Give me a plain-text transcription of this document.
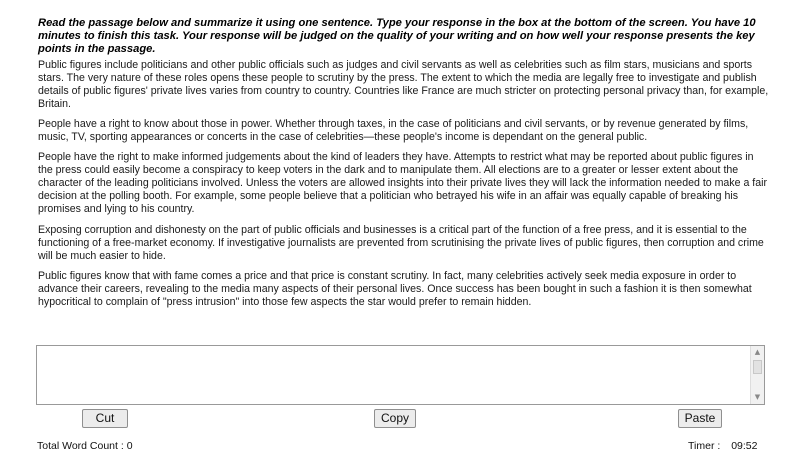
Read the passage below and summarize it using one sentence. Type your response in the box at the bottom of the screen. You have 10 minutes to finish this task. Your response will be judged on the quality of your writing and on how well your response presents the key points in the passage.

Public figures include politicians and other public officials such as judges and civil servants as well as celebrities such as film stars, musicians and sports stars. The very nature of these roles opens these people to scrutiny by the press. The extent to which the media are legally free to investigate and publish details of public figures' private lives varies from country to country. Countries like France are much stricter on protecting personal privacy than, for example, Britain.

People have a right to know about those in power. Whether through taxes, in the case of politicians and civil servants, or by revenue generated by films, music, TV, sporting appearances or concerts in the case of celebrities—these people's income is dependant on the general public.

People have the right to make informed judgements about the kind of leaders they have. Attempts to restrict what may be reported about public figures in the press could easily become a conspiracy to keep voters in the dark and to manipulate them. All elections are to a greater or lesser extent about the character of the leading politicians involved. Unless the voters are allowed insights into their private lives they will lack the information needed to make a fair decision at the polling booth. For example, some people believe that a politician who betrayed his wife in an affair was equally capable of breaking his promises and lying to his country.

Exposing corruption and dishonesty on the part of public officials and businesses is a critical part of the function of a free press, and it is essential to the functioning of a free-market economy. If investigative journalists are prevented from scrutinising the private lives of public figures, then corruption and crime will be much easier to hide.

Public figures know that with fame comes a price and that price is constant scrutiny. In fact, many celebrities actively seek media exposure in order to advance their careers, revealing to the media many aspects of their personal lives. Once success has been bought in such a fashion it is then somewhat hypocritical to complain of "press intrusion" into those few aspects the star would prefer to remain hidden.

▲
▼
Cut	Copy	Paste
Total Word Count : 0	Timer : 09:52
